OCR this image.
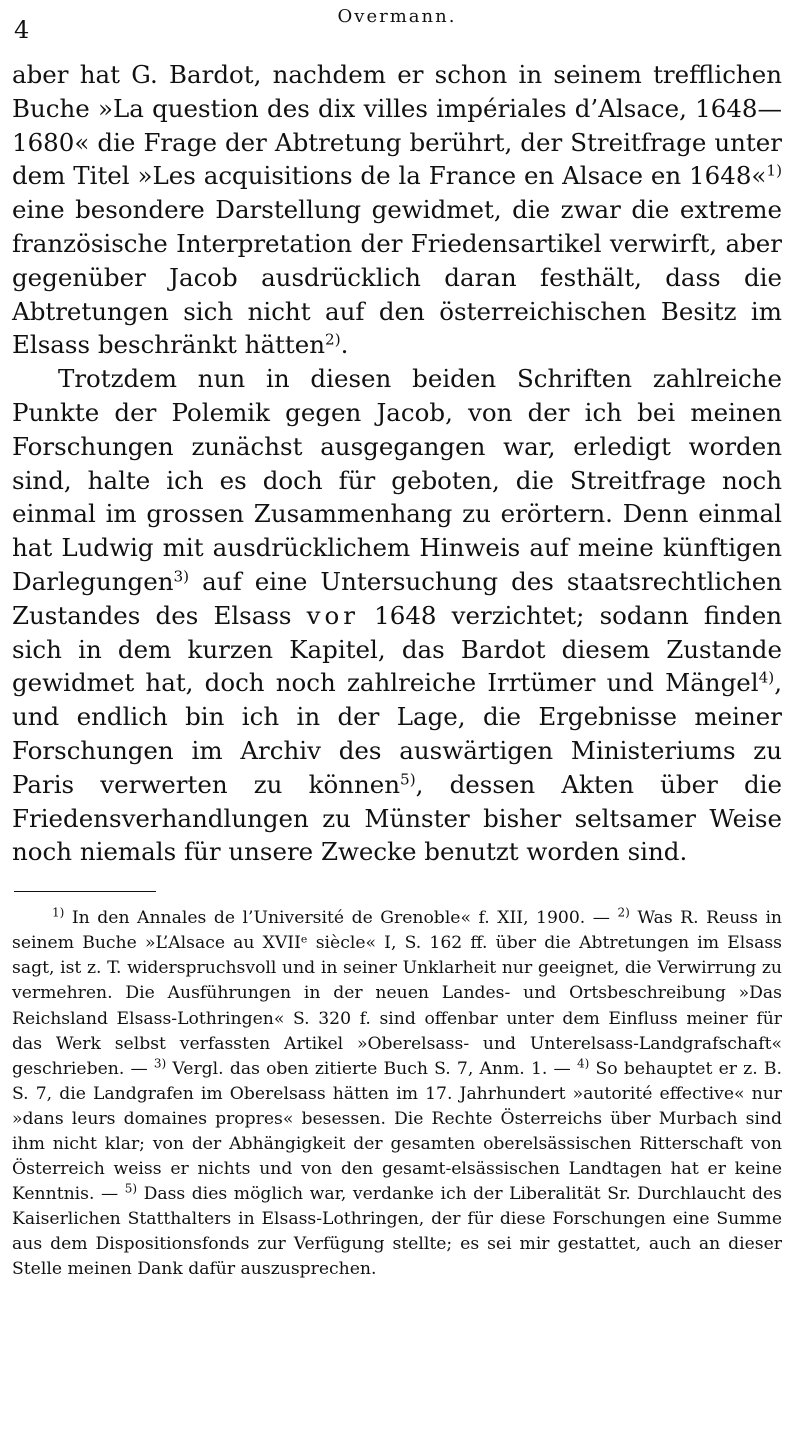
4	Overmann.

aber hat G. Bardot, nachdem er schon in seinem trefflichen Buche »La question des dix villes impériales d’Alsace, 1648—1680« die Frage der Abtretung berührt, der Streitfrage unter dem Titel »Les acquisitions de la France en Alsace en 1648«$^{1)}$ eine besondere Darstellung gewidmet, die zwar die extreme französische Interpretation der Friedensartikel verwirft, aber gegenüber Jacob ausdrücklich daran festhält, dass die Abtretungen sich nicht auf den österreichischen Besitz im Elsass beschränkt hätten$^{2)}$.

Trotzdem nun in diesen beiden Schriften zahlreiche Punkte der Polemik gegen Jacob, von der ich bei meinen Forschungen zunächst ausgegangen war, erledigt worden sind, halte ich es doch für geboten, die Streitfrage noch einmal im grossen Zusammenhang zu erörtern. Denn einmal hat Ludwig mit ausdrücklichem Hinweis auf meine künftigen Darlegungen$^{3)}$ auf eine Untersuchung des staatsrechtlichen Zustandes des Elsass vor 1648 verzichtet; sodann finden sich in dem kurzen Kapitel, das Bardot diesem Zustande gewidmet hat, doch noch zahlreiche Irrtümer und Mängel$^{4)}$, und endlich bin ich in der Lage, die Ergebnisse meiner Forschungen im Archiv des auswärtigen Ministeriums zu Paris verwerten zu können$^{5)}$, dessen Akten über die Friedensverhandlungen zu Münster bisher seltsamer Weise noch niemals für unsere Zwecke benutzt worden sind.

$^{1)}$ In den Annales de l’Université de Grenoble« f. XII, 1900. — $^{2)}$ Was R. Reuss in seinem Buche »L’Alsace au XVIIᵉ siècle« I, S. 162 ff. über die Abtretungen im Elsass sagt, ist z. T. widerspruchsvoll und in seiner Unklarheit nur geeignet, die Verwirrung zu vermehren. Die Ausführungen in der neuen Landes- und Ortsbeschreibung »Das Reichsland Elsass-Lothringen« S. 320 f. sind offenbar unter dem Einfluss meiner für das Werk selbst verfassten Artikel »Oberelsass- und Unterelsass-Landgrafschaft« geschrieben. — $^{3)}$ Vergl. das oben zitierte Buch S. 7, Anm. 1. — $^{4)}$ So behauptet er z. B. S. 7, die Landgrafen im Oberelsass hätten im 17. Jahrhundert »autorité effective« nur »dans leurs domaines propres« besessen. Die Rechte Österreichs über Murbach sind ihm nicht klar; von der Abhängigkeit der gesamten oberelsässischen Ritterschaft von Österreich weiss er nichts und von den gesamt-elsässischen Landtagen hat er keine Kenntnis. — $^{5)}$ Dass dies möglich war, verdanke ich der Liberalität Sr. Durchlaucht des Kaiserlichen Statthalters in Elsass-Lothringen, der für diese Forschungen eine Summe aus dem Dispositionsfonds zur Verfügung stellte; es sei mir gestattet, auch an dieser Stelle meinen Dank dafür auszusprechen.
